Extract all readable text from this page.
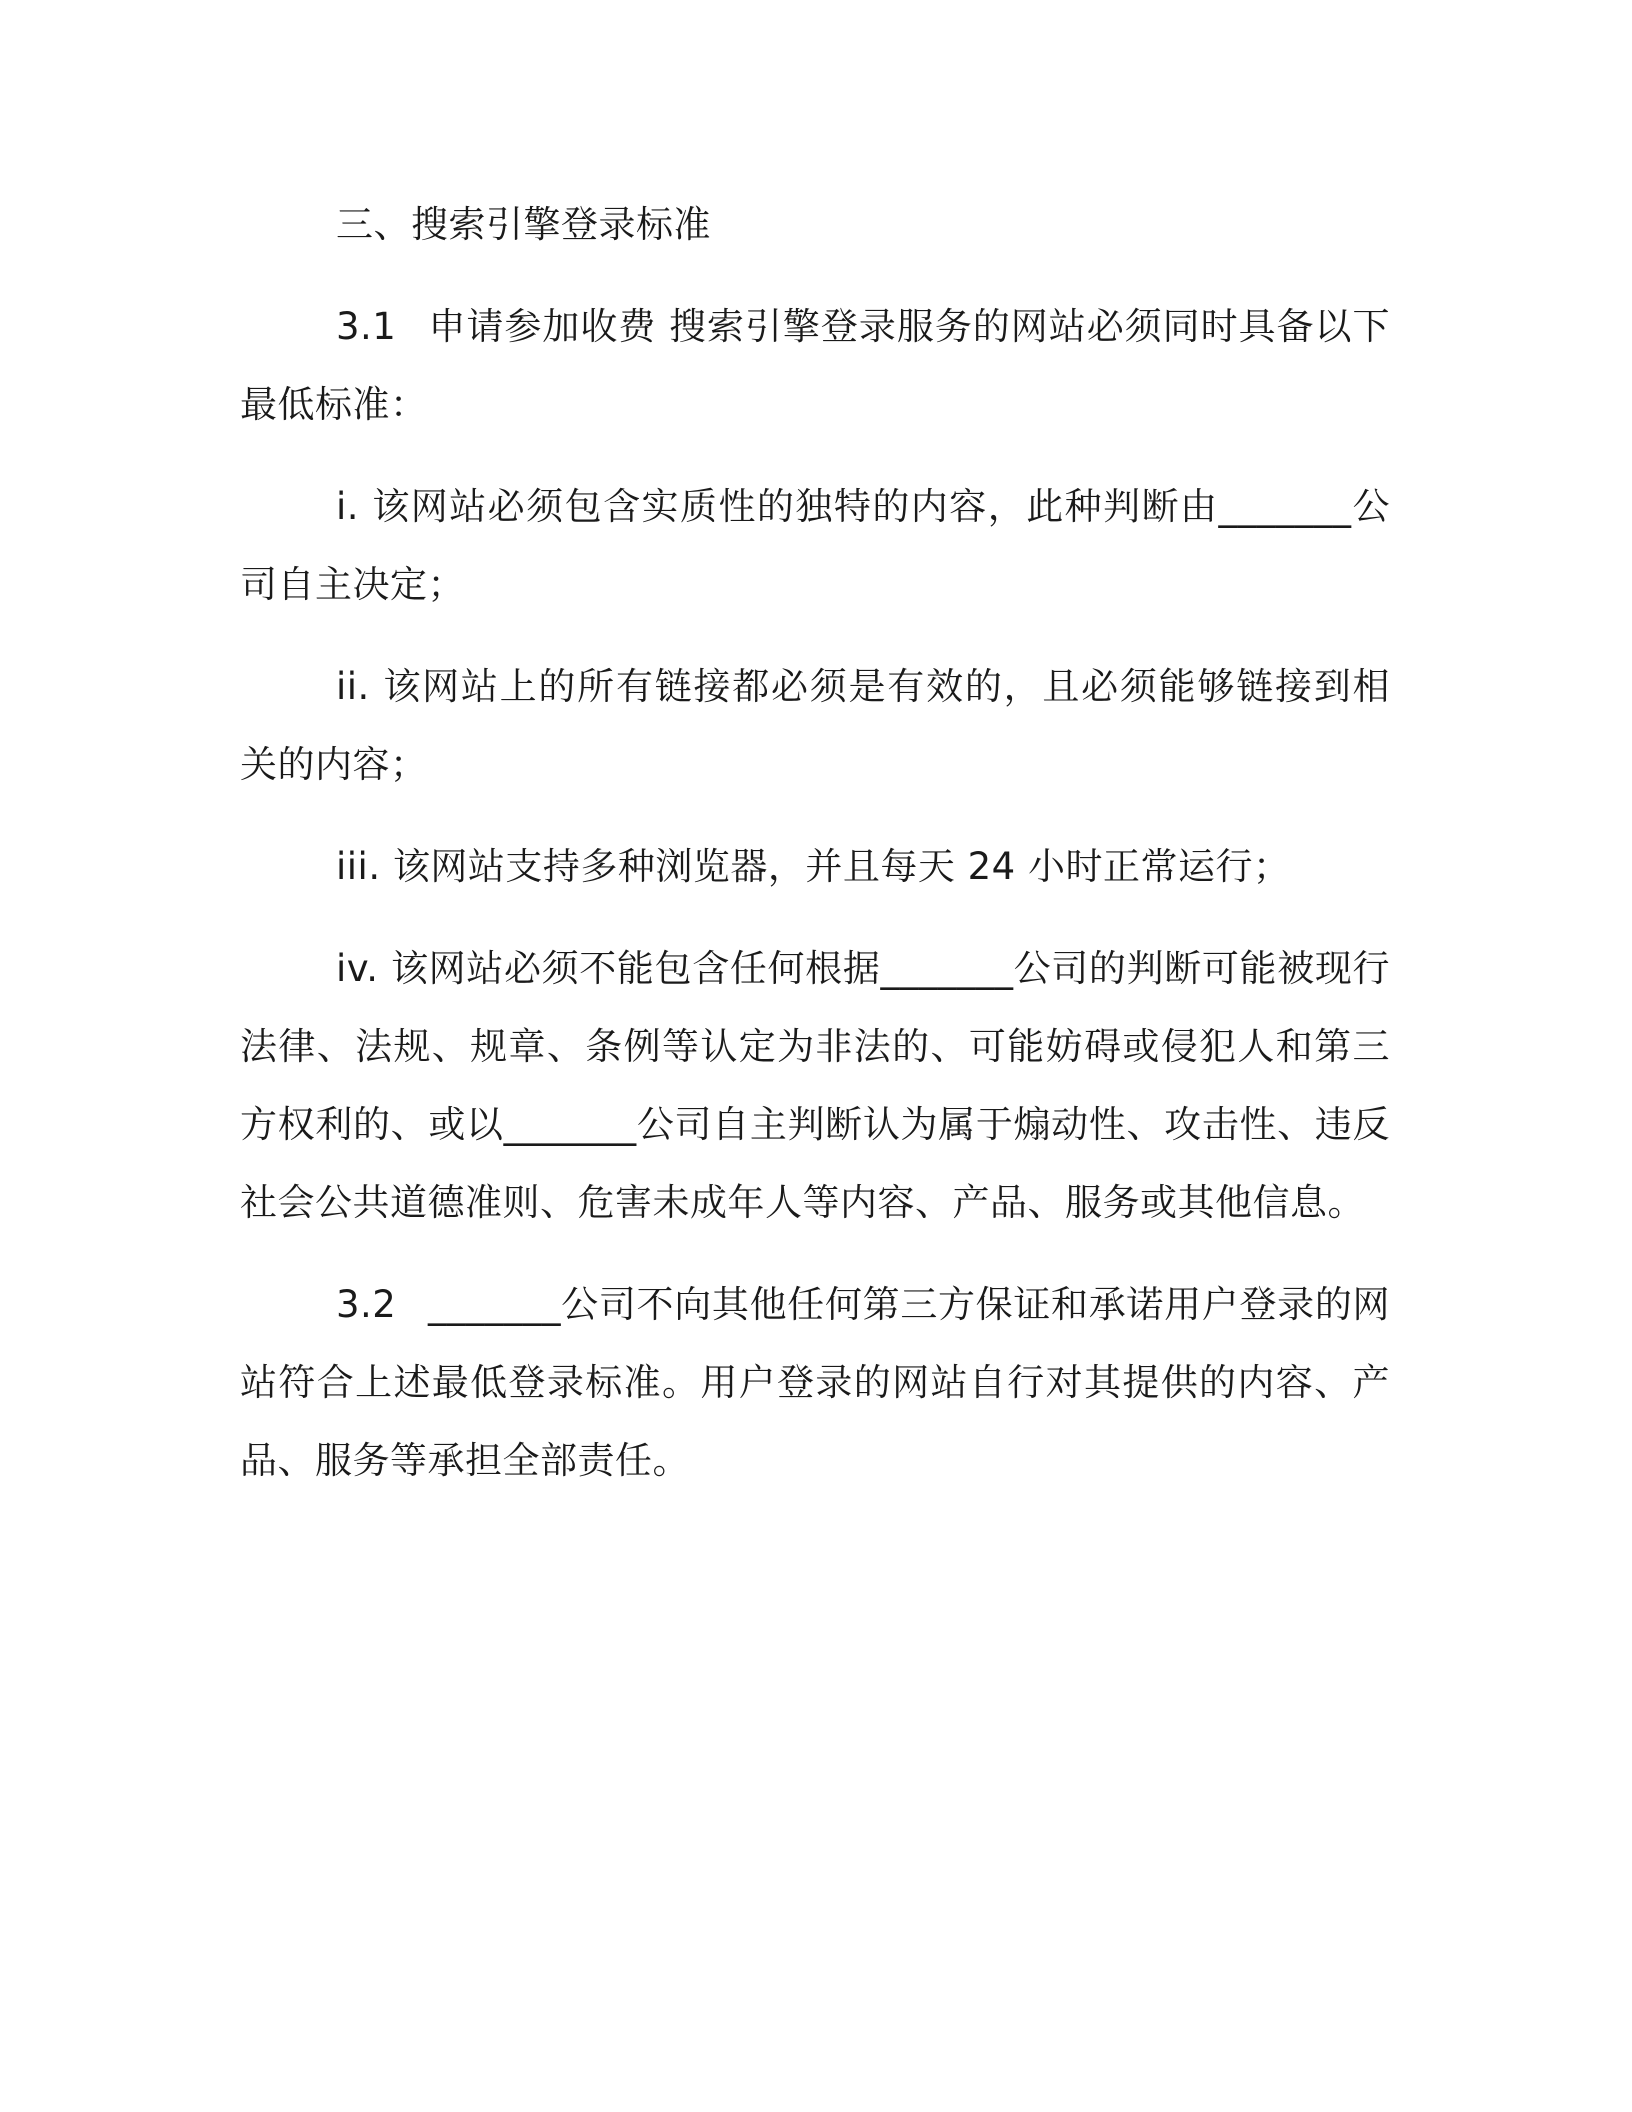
三、搜索引擎登录标准

3.1 申请参加收费 搜索引擎登录服务的网站必须同时具备以下最低标准：

i. 该网站必须包含实质性的独特的内容，此种判断由_______公司自主决定；

ii. 该网站上的所有链接都必须是有效的，且必须能够链接到相关的内容；

iii. 该网站支持多种浏览器，并且每天 24 小时正常运行；

iv. 该网站必须不能包含任何根据_______公司的判断可能被现行法律、法规、规章、条例等认定为非法的、可能妨碍或侵犯人和第三方权利的、或以_______公司自主判断认为属于煽动性、攻击性、违反社会公共道德准则、危害未成年人等内容、产品、服务或其他信息。

3.2 _______公司不向其他任何第三方保证和承诺用户登录的网站符合上述最低登录标准。用户登录的网站自行对其提供的内容、产品、服务等承担全部责任。
